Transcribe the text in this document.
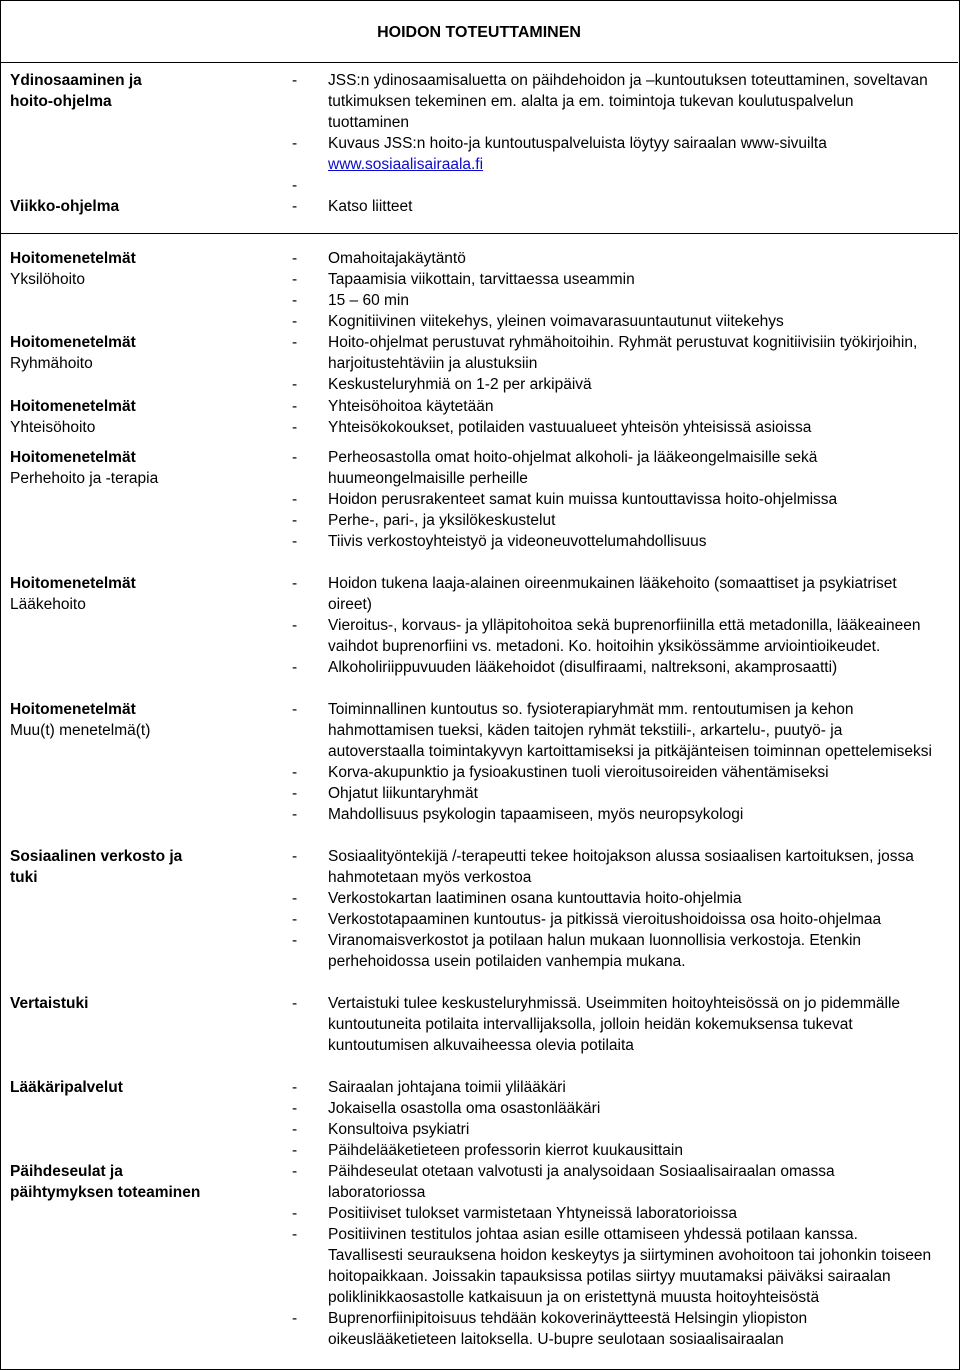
HOIDON TOTEUTTAMINEN
Ydinosaaminen ja
hoito-ohjelma
- JSS:n ydinosaamisaluetta on päihdehoidon ja –kuntoutuksen toteuttaminen, soveltavan tutkimuksen tekeminen em. alalta ja em. toimintoja tukevan koulutuspalvelun tuottaminen
- Kuvaus JSS:n hoito-ja kuntoutuspalveluista löytyy sairaalan www-sivuilta
www.sosiaalisairaala.fi
Viikko-ohjelma	- Katso liitteet
Hoitomenetelmät
Yksilöhoito
- Omahoitajakäytäntö
- Tapaamisia viikottain, tarvittaessa useammin
- 15 – 60 min
- Kognitiivinen viitekehys, yleinen voimavarasuuntautunut viitekehys
Hoitomenetelmät
Ryhmähoito
- Hoito-ohjelmat perustuvat ryhmähoitoihin. Ryhmät perustuvat kognitiivisiin työkirjoihin, harjoitustehtäviin ja alustuksiin
- Keskusteluryhmiä on 1-2 per arkipäivä
Hoitomenetelmät
Yhteisöhoito
- Yhteisöhoitoa käytetään
- Yhteisökokoukset, potilaiden vastuualueet yhteisön yhteisissä asioissa
Hoitomenetelmät
Perhehoito ja -terapia
- Perheosastolla omat hoito-ohjelmat alkoholi- ja lääkeongelmaisille sekä huumeongelmaisille perheille
- Hoidon perusrakenteet samat kuin muissa kuntouttavissa hoito-ohjelmissa
- Perhe-, pari-, ja yksilökeskustelut
- Tiivis verkostoyhteistyö ja videoneuvottelumahdollisuus
Hoitomenetelmät
Lääkehoito
- Hoidon tukena laaja-alainen oireenmukainen lääkehoito (somaattiset ja psykiatriset oireet)
- Vieroitus-, korvaus- ja ylläpitohoitoa sekä buprenorfiinilla että metadonilla, lääkeaineen vaihdot buprenorfiini vs. metadoni. Ko. hoitoihin yksikössämme arviointioikeudet.
- Alkoholiriippuvuuden lääkehoidot (disulfiraami, naltreksoni, akamprosaatti)
Hoitomenetelmät
Muu(t) menetelmä(t)
- Toiminnallinen kuntoutus so. fysioterapiaryhmät mm. rentoutumisen ja kehon hahmottamisen tueksi, käden taitojen ryhmät tekstiili-, arkartelu-, puutyö- ja autoverstaalla toimintakyvyn kartoittamiseksi ja pitkäjänteisen toiminnan opettelemiseksi
- Korva-akupunktio ja fysioakustinen tuoli vieroitusoireiden vähentämiseksi
- Ohjatut liikuntaryhmät
- Mahdollisuus psykologin tapaamiseen, myös neuropsykologi
Sosiaalinen verkosto ja
tuki
- Sosiaalityöntekijä /-terapeutti tekee hoitojakson alussa sosiaalisen kartoituksen, jossa hahmotetaan myös verkostoa
- Verkostokartan laatiminen osana kuntouttavia hoito-ohjelmia
- Verkostotapaaminen kuntoutus- ja pitkissä vieroitushoidoissa osa hoito-ohjelmaa
- Viranomaisverkostot ja potilaan halun mukaan luonnollisia verkostoja. Etenkin perhehoidossa usein potilaiden vanhempia mukana.
Vertaistuki	- Vertaistuki tulee keskusteluryhmissä. Useimmiten hoitoyhteisössä on jo pidemmälle kuntoutuneita potilaita intervallijaksolla, jolloin heidän kokemuksensa tukevat kuntoutumisen alkuvaiheessa olevia potilaita
Lääkäripalvelut	- Sairaalan johtajana toimii ylilääkäri
- Jokaisella osastolla oma osastonlääkäri
- Konsultoiva psykiatri
- Päihdelääketieteen professorin kierrot kuukausittain
Päihdeseulat ja
päihtymyksen toteaminen
- Päihdeseulat otetaan valvotusti ja analysoidaan Sosiaalisairaalan omassa laboratoriossa
- Positiiviset tulokset varmistetaan Yhtyneissä laboratorioissa
- Positiivinen testitulos johtaa asian esille ottamiseen yhdessä potilaan kanssa. Tavallisesti seurauksena hoidon keskeytys ja siirtyminen avohoitoon tai johonkin toiseen hoitopaikkaan. Joissakin tapauksissa potilas siirtyy muutamaksi päiväksi sairaalan poliklinikkaosastolle katkaisuun ja on eristettynä muusta hoitoyhteisöstä
- Buprenorfiinipitoisuus tehdään kokoverinäytteestä Helsingin yliopiston oikeuslääketieteen laitoksella. U-bupre seulotaan sosiaalisairaalan
